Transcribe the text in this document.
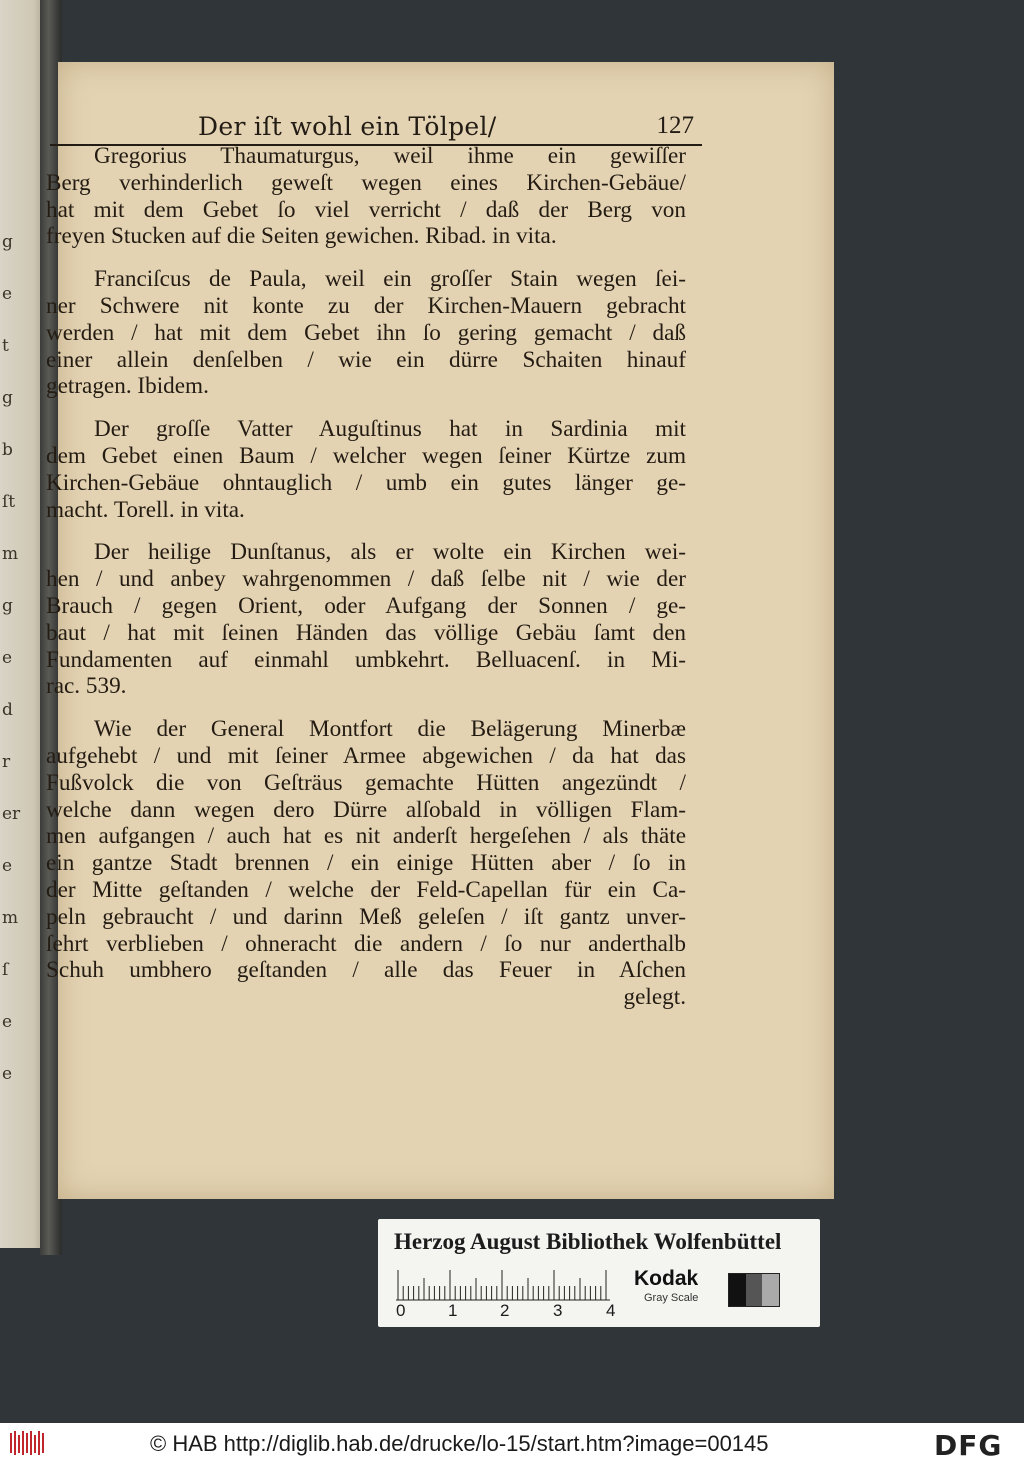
g
e
t
g
b
ſt
m
g
e
d
r
er
e
m
ſ
e
e
Der iſt wohl ein Tölpel/	127
Gregorius Thaumaturgus, weil ihme ein gewiſſer
Berg verhinderlich geweſt wegen eines Kirchen-Gebäue/
hat mit dem Gebet ſo viel verricht / daß der Berg von
freyen Stucken auf die Seiten gewichen. Ribad. in vita.
Franciſcus de Paula, weil ein groſſer Stain wegen ſei-
ner Schwere nit konte zu der Kirchen-Mauern gebracht
werden / hat mit dem Gebet ihn ſo gering gemacht / daß
einer allein denſelben / wie ein dürre Schaiten hinauf
getragen. Ibidem.
Der groſſe Vatter Auguſtinus hat in Sardinia mit
dem Gebet einen Baum / welcher wegen ſeiner Kürtze zum
Kirchen-Gebäue ohntauglich / umb ein gutes länger ge-
macht. Torell. in vita.
Der heilige Dunſtanus, als er wolte ein Kirchen wei-
hen / und anbey wahrgenommen / daß ſelbe nit / wie der
Brauch / gegen Orient, oder Aufgang der Sonnen / ge-
baut / hat mit ſeinen Händen das völlige Gebäu ſamt den
Fundamenten auf einmahl umbkehrt. Belluacenſ. in Mi-
rac. 539.
Wie der General Montfort die Belägerung Minerbæ
aufgehebt / und mit ſeiner Armee abgewichen / da hat das
Fußvolck die von Geſträus gemachte Hütten angezündt /
welche dann wegen dero Dürre alſobald in völligen Flam-
men aufgangen / auch hat es nit anderſt hergeſehen / als thäte
ein gantze Stadt brennen / ein einige Hütten aber / ſo in
der Mitte geſtanden / welche der Feld-Capellan für ein Ca-
peln gebraucht / und darinn Meß geleſen / iſt gantz unver-
ſehrt verblieben / ohneracht die andern / ſo nur anderthalb
Schuh umbhero geſtanden / alle das Feuer in Aſchen
gelegt.
Herzog August Bibliothek Wolfenbüttel
0	1	2	3	4
Kodak
Gray Scale
© HAB http://diglib.hab.de/drucke/lo-15/start.htm?image=00145	DFG
